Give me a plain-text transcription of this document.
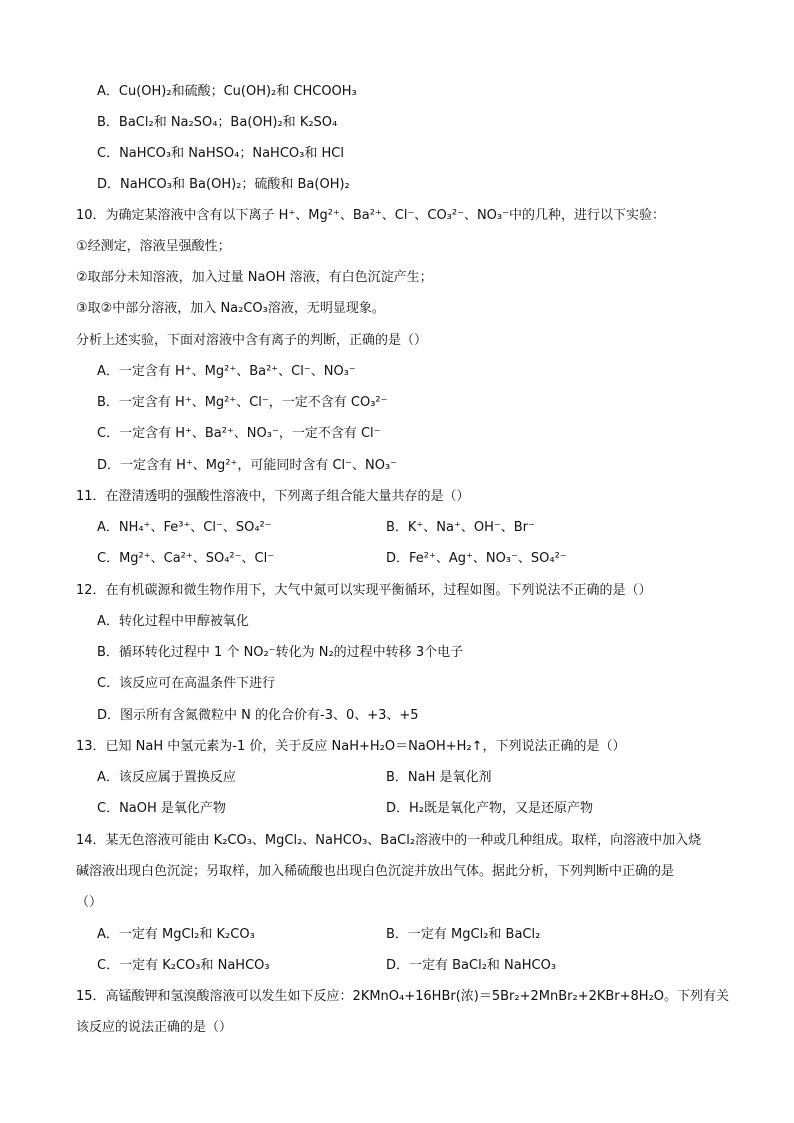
A．Cu(OH)₂和硫酸；Cu(OH)₂和 CHCOOH₃
B．BaCl₂和 Na₂SO₄；Ba(OH)₂和 K₂SO₄
C．NaHCO₃和 NaHSO₄；NaHCO₃和 HCl
D．NaHCO₃和 Ba(OH)₂；硫酸和 Ba(OH)₂
10．为确定某溶液中含有以下离子 H⁺、Mg²⁺、Ba²⁺、Cl⁻、CO₃²⁻、NO₃⁻中的几种，进行以下实验：
①经测定，溶液呈强酸性；
②取部分未知溶液，加入过量 NaOH 溶液，有白色沉淀产生；
③取②中部分溶液，加入 Na₂CO₃溶液，无明显现象。
分析上述实验，下面对溶液中含有离子的判断，正确的是（）
A．一定含有 H⁺、Mg²⁺、Ba²⁺、Cl⁻、NO₃⁻
B．一定含有 H⁺、Mg²⁺、Cl⁻，一定不含有 CO₃²⁻
C．一定含有 H⁺、Ba²⁺、NO₃⁻，一定不含有 Cl⁻
D．一定含有 H⁺、Mg²⁺，可能同时含有 Cl⁻、NO₃⁻
11．在澄清透明的强酸性溶液中，下列离子组合能大量共存的是（）
A．NH₄⁺、Fe³⁺、Cl⁻、SO₄²⁻	B．K⁺、Na⁺、OH⁻、Br⁻
C．Mg²⁺、Ca²⁺、SO₄²⁻、Cl⁻	D．Fe²⁺、Ag⁺、NO₃⁻、SO₄²⁻
12．在有机碳源和微生物作用下，大气中氮可以实现平衡循环，过程如图。下列说法不正确的是（）
A．转化过程中甲醇被氧化
B．循环转化过程中 1 个 NO₂⁻转化为 N₂的过程中转移 3个电子
C．该反应可在高温条件下进行
D．图示所有含氮微粒中 N 的化合价有-3、0、+3、+5
13．已知 NaH 中氢元素为-1 价，关于反应 NaH+H₂O＝NaOH+H₂↑，下列说法正确的是（）
A．该反应属于置换反应	B．NaH 是氧化剂
C．NaOH 是氧化产物	D．H₂既是氧化产物，又是还原产物
14．某无色溶液可能由 K₂CO₃、MgCl₂、NaHCO₃、BaCl₂溶液中的一种或几种组成。取样，向溶液中加入烧
碱溶液出现白色沉淀；另取样，加入稀硫酸也出现白色沉淀并放出气体。据此分析，下列判断中正确的是
（）
A．一定有 MgCl₂和 K₂CO₃	B．一定有 MgCl₂和 BaCl₂
C．一定有 K₂CO₃和 NaHCO₃	D．一定有 BaCl₂和 NaHCO₃
15．高锰酸钾和氢溴酸溶液可以发生如下反应：2KMnO₄+16HBr(浓)＝5Br₂+2MnBr₂+2KBr+8H₂O。下列有关
该反应的说法正确的是（）
